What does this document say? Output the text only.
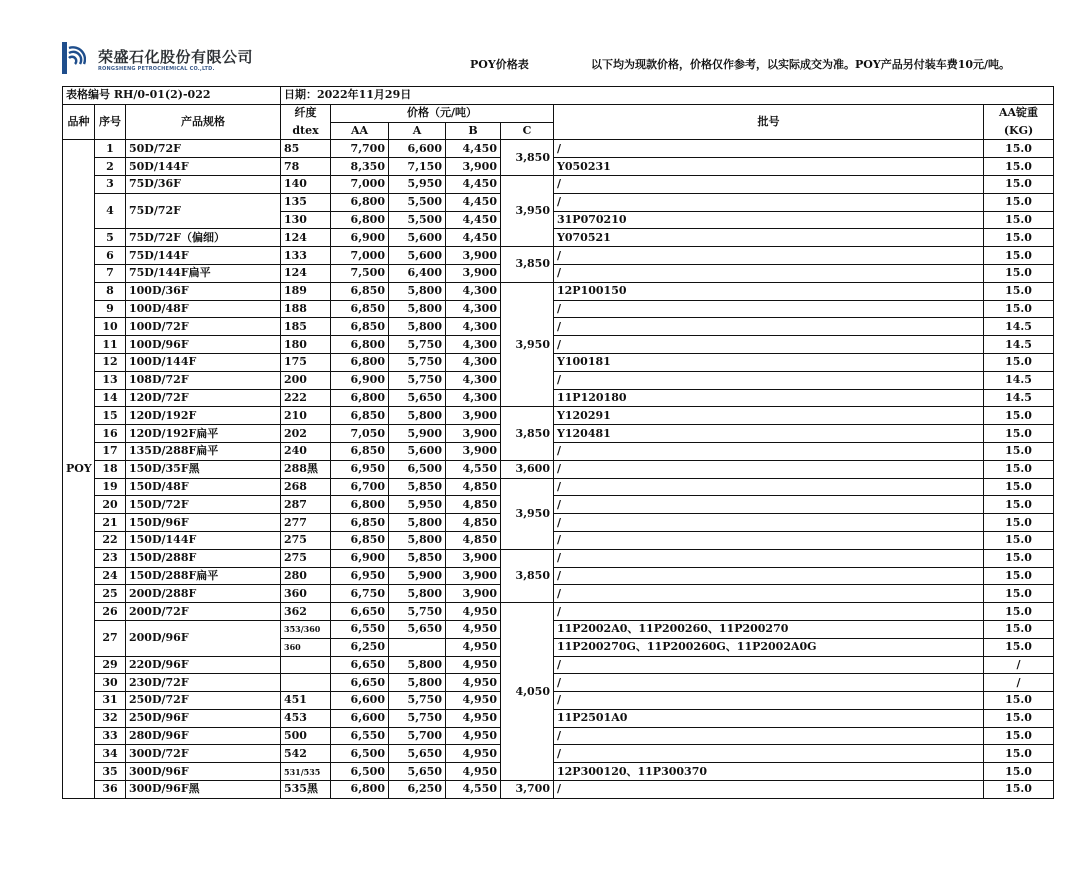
荣盛石化股份有限公司
RONGSHENG PETROCHEMICAL CO.,LTD.	POY价格表	以下均为现款价格，价格仅作参考，以实际成交为准。POY产品另付装车费10元/吨。
表格编号 RH/0-01(2)-022			日期：2022年11月29日						
品种	序号	产品规格	纤度	价格（元/吨）				批号	AA锭重
			dtex	AA	A	B	C		(KG)
POY	1	50D/72F	85	7,700	6,600	4,450	3,850	/	15.0
	2	50D/144F	78	8,350	7,150	3,900		Y050231	15.0
	3	75D/36F	140	7,000	5,950	4,450	3,950	/	15.0
	4	75D/72F	135	6,800	5,500	4,450		/	15.0
			130	6,800	5,500	4,450		31P070210	15.0
	5	75D/72F（偏细）	124	6,900	5,600	4,450		Y070521	15.0
	6	75D/144F	133	7,000	5,600	3,900	3,850	/	15.0
	7	75D/144F扁平	124	7,500	6,400	3,900		/	15.0
	8	100D/36F	189	6,850	5,800	4,300	3,950	12P100150	15.0
	9	100D/48F	188	6,850	5,800	4,300		/	15.0
	10	100D/72F	185	6,850	5,800	4,300		/	14.5
	11	100D/96F	180	6,800	5,750	4,300		/	14.5
	12	100D/144F	175	6,800	5,750	4,300		Y100181	15.0
	13	108D/72F	200	6,900	5,750	4,300		/	14.5
	14	120D/72F	222	6,800	5,650	4,300		11P120180	14.5
	15	120D/192F	210	6,850	5,800	3,900	3,850	Y120291	15.0
	16	120D/192F扁平	202	7,050	5,900	3,900		Y120481	15.0
	17	135D/288F扁平	240	6,850	5,600	3,900		/	15.0
	18	150D/35F黑	288黑	6,950	6,500	4,550	3,600	/	15.0
	19	150D/48F	268	6,700	5,850	4,850	3,950	/	15.0
	20	150D/72F	287	6,800	5,950	4,850		/	15.0
	21	150D/96F	277	6,850	5,800	4,850		/	15.0
	22	150D/144F	275	6,850	5,800	4,850		/	15.0
	23	150D/288F	275	6,900	5,850	3,900	3,850	/	15.0
	24	150D/288F扁平	280	6,950	5,900	3,900		/	15.0
	25	200D/288F	360	6,750	5,800	3,900		/	15.0
	26	200D/72F	362	6,650	5,750	4,950	4,050	/	15.0
	27	200D/96F	353/360	6,550	5,650	4,950		11P2002A0、11P200260、11P200270	15.0
			360	6,250		4,950		11P200270G、11P200260G、11P2002A0G	15.0
	29	220D/96F		6,650	5,800	4,950		/	/
	30	230D/72F		6,650	5,800	4,950		/	/
	31	250D/72F	451	6,600	5,750	4,950		/	15.0
	32	250D/96F	453	6,600	5,750	4,950		11P2501A0	15.0
	33	280D/96F	500	6,550	5,700	4,950		/	15.0
	34	300D/72F	542	6,500	5,650	4,950		/	15.0
	35	300D/96F	531/535	6,500	5,650	4,950		12P300120、11P300370	15.0
	36	300D/96F黑	535黑	6,800	6,250	4,550	3,700	/	15.0
